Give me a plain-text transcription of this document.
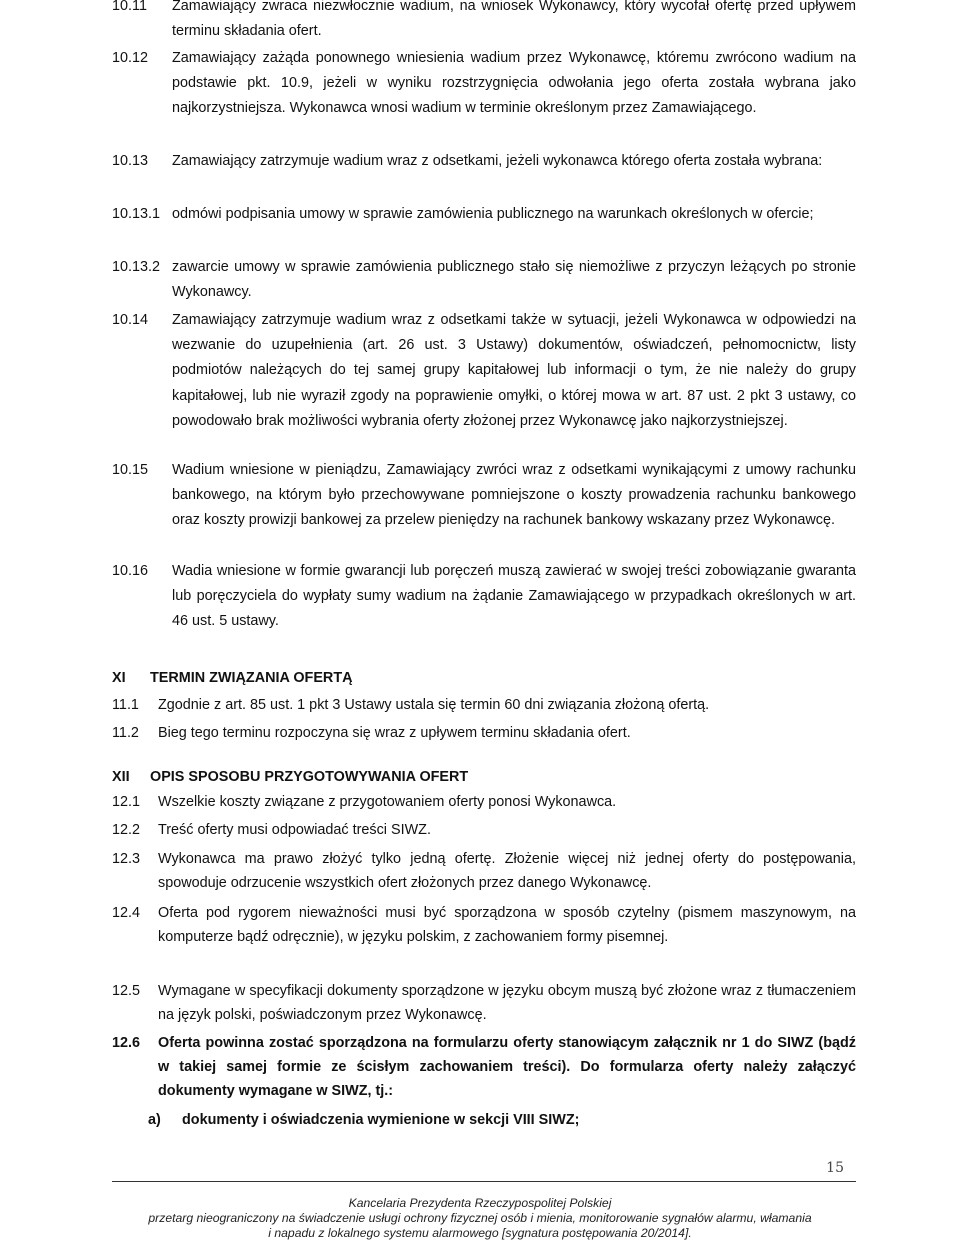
10.11	Zamawiający zwraca niezwłocznie wadium, na wniosek Wykonawcy, który wycofał ofertę przed upływem terminu składania ofert.
10.12	Zamawiający zażąda ponownego wniesienia wadium przez Wykonawcę, któremu zwrócono wadium na podstawie pkt. 10.9, jeżeli w wyniku rozstrzygnięcia odwołania jego oferta została wybrana jako najkorzystniejsza. Wykonawca wnosi wadium w terminie określonym przez Zamawiającego.
10.13	Zamawiający zatrzymuje wadium wraz z odsetkami, jeżeli wykonawca którego oferta została wybrana:
10.13.1 odmówi podpisania umowy w sprawie zamówienia publicznego na warunkach określonych w ofercie;
10.13.2 zawarcie umowy w sprawie zamówienia publicznego stało się niemożliwe z przyczyn leżących po stronie Wykonawcy.
10.14	Zamawiający zatrzymuje wadium wraz z odsetkami także w sytuacji, jeżeli Wykonawca w odpowiedzi na wezwanie do uzupełnienia (art. 26 ust. 3 Ustawy) dokumentów, oświadczeń, pełnomocnictw, listy podmiotów należących do tej samej grupy kapitałowej lub informacji o tym, że nie należy do grupy kapitałowej, lub nie wyraził zgody na poprawienie omyłki, o której mowa w art. 87 ust. 2 pkt 3 ustawy, co powodowało brak możliwości wybrania oferty złożonej przez Wykonawcę jako najkorzystniejszej.
10.15	Wadium wniesione w pieniądzu, Zamawiający zwróci wraz z odsetkami wynikającymi z umowy rachunku bankowego, na którym było przechowywane pomniejszone o koszty prowadzenia rachunku bankowego oraz koszty prowizji bankowej za przelew pieniędzy na rachunek bankowy wskazany przez Wykonawcę.
10.16	Wadia wniesione w formie gwarancji lub poręczeń muszą zawierać w swojej treści zobowiązanie gwaranta lub poręczyciela do wypłaty sumy wadium na żądanie Zamawiającego w przypadkach określonych w art. 46 ust. 5 ustawy.
XI	TERMIN ZWIĄZANIA OFERTĄ
11.1	Zgodnie z art. 85 ust. 1 pkt 3 Ustawy ustala się termin 60 dni związania złożoną ofertą.
11.2	Bieg tego terminu rozpoczyna się wraz z upływem terminu składania ofert.
XII	OPIS SPOSOBU PRZYGOTOWYWANIA OFERT
12.1	Wszelkie koszty związane z przygotowaniem oferty ponosi Wykonawca.
12.2	Treść oferty musi odpowiadać treści SIWZ.
12.3	Wykonawca ma prawo złożyć tylko jedną ofertę. Złożenie więcej niż jednej oferty do postępowania, spowoduje odrzucenie wszystkich ofert złożonych przez danego Wykonawcę.
12.4	Oferta pod rygorem nieważności musi być sporządzona w sposób czytelny (pismem maszynowym, na komputerze bądź odręcznie), w języku polskim, z zachowaniem formy pisemnej.
12.5	Wymagane w specyfikacji dokumenty sporządzone w języku obcym muszą być złożone wraz z tłumaczeniem na język polski, poświadczonym przez Wykonawcę.
12.6	Oferta powinna zostać sporządzona na formularzu oferty stanowiącym załącznik nr 1 do SIWZ (bądź w takiej samej formie ze ścisłym zachowaniem treści). Do formularza oferty należy załączyć dokumenty wymagane w SIWZ, tj.:
a)	dokumenty i oświadczenia wymienione w sekcji VIII SIWZ;
15
Kancelaria Prezydenta Rzeczypospolitej Polskiej
przetarg nieograniczony na świadczenie usługi ochrony fizycznej osób i mienia, monitorowanie sygnałów alarmu, włamania
i napadu z lokalnego systemu alarmowego [sygnatura postępowania 20/2014].
